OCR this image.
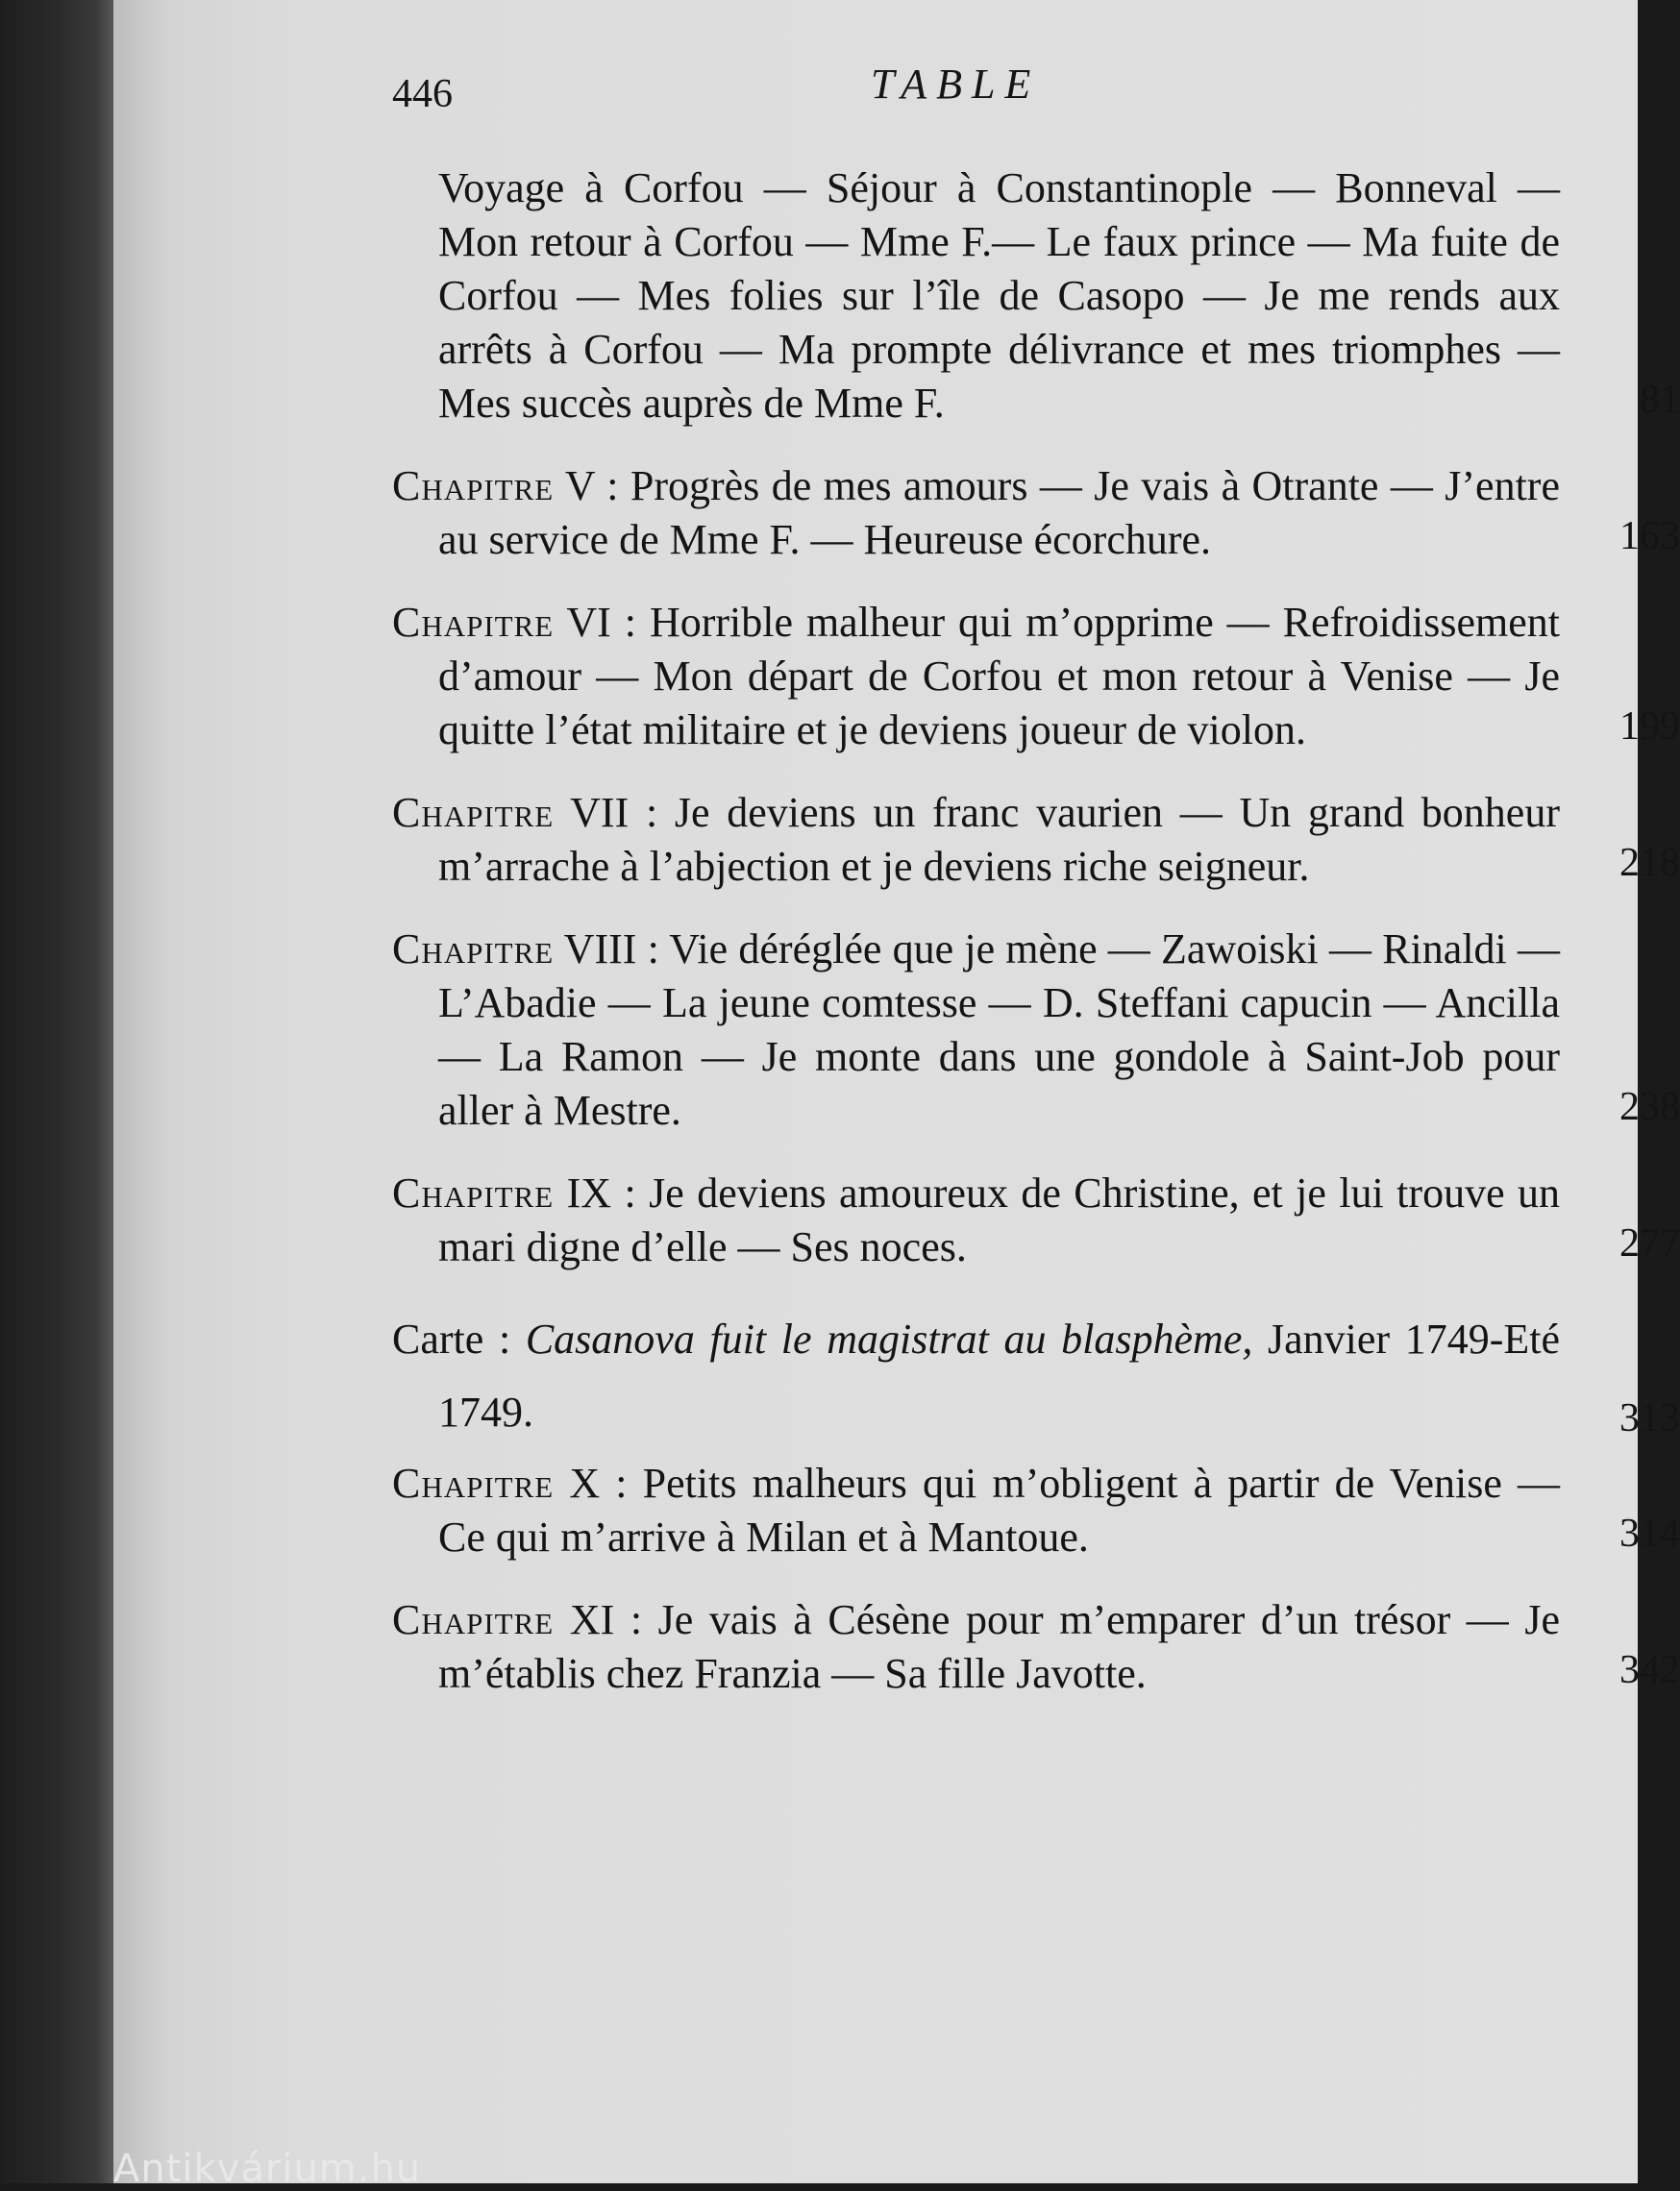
446	TABLE
Voyage à Corfou — Séjour à Constantinople — Bonneval — Mon retour à Corfou — Mme F.— Le faux prince — Ma fuite de Corfou — Mes folies sur l’île de Casopo — Je me rends aux arrêts à Corfou — Ma prompte délivrance et mes triomphes — Mes succès auprès de Mme F.	81
Chapitre V : Progrès de mes amours — Je vais à Otrante — J’entre au service de Mme F. — Heureuse écorchure.	163
Chapitre VI : Horrible malheur qui m’opprime — Refroidissement d’amour — Mon départ de Corfou et mon retour à Venise — Je quitte l’état militaire et je deviens joueur de violon.	199
Chapitre VII : Je deviens un franc vaurien — Un grand bonheur m’arrache à l’abjection et je deviens riche seigneur.	218
Chapitre VIII : Vie déréglée que je mène — Zawoiski — Rinaldi — L’Abadie — La jeune comtesse — D. Steffani capucin — Ancilla — La Ramon — Je monte dans une gondole à Saint-Job pour aller à Mestre.	238
Chapitre IX : Je deviens amoureux de Christine, et je lui trouve un mari digne d’elle — Ses noces.	277
Carte : Casanova fuit le magistrat au blasphème, Janvier 1749-Eté 1749.	313
Chapitre X : Petits malheurs qui m’obligent à partir de Venise — Ce qui m’arrive à Milan et à Mantoue.	314
Chapitre XI : Je vais à Césène pour m’emparer d’un trésor — Je m’établis chez Franzia — Sa fille Javotte.	342
Antikvárium.hu
